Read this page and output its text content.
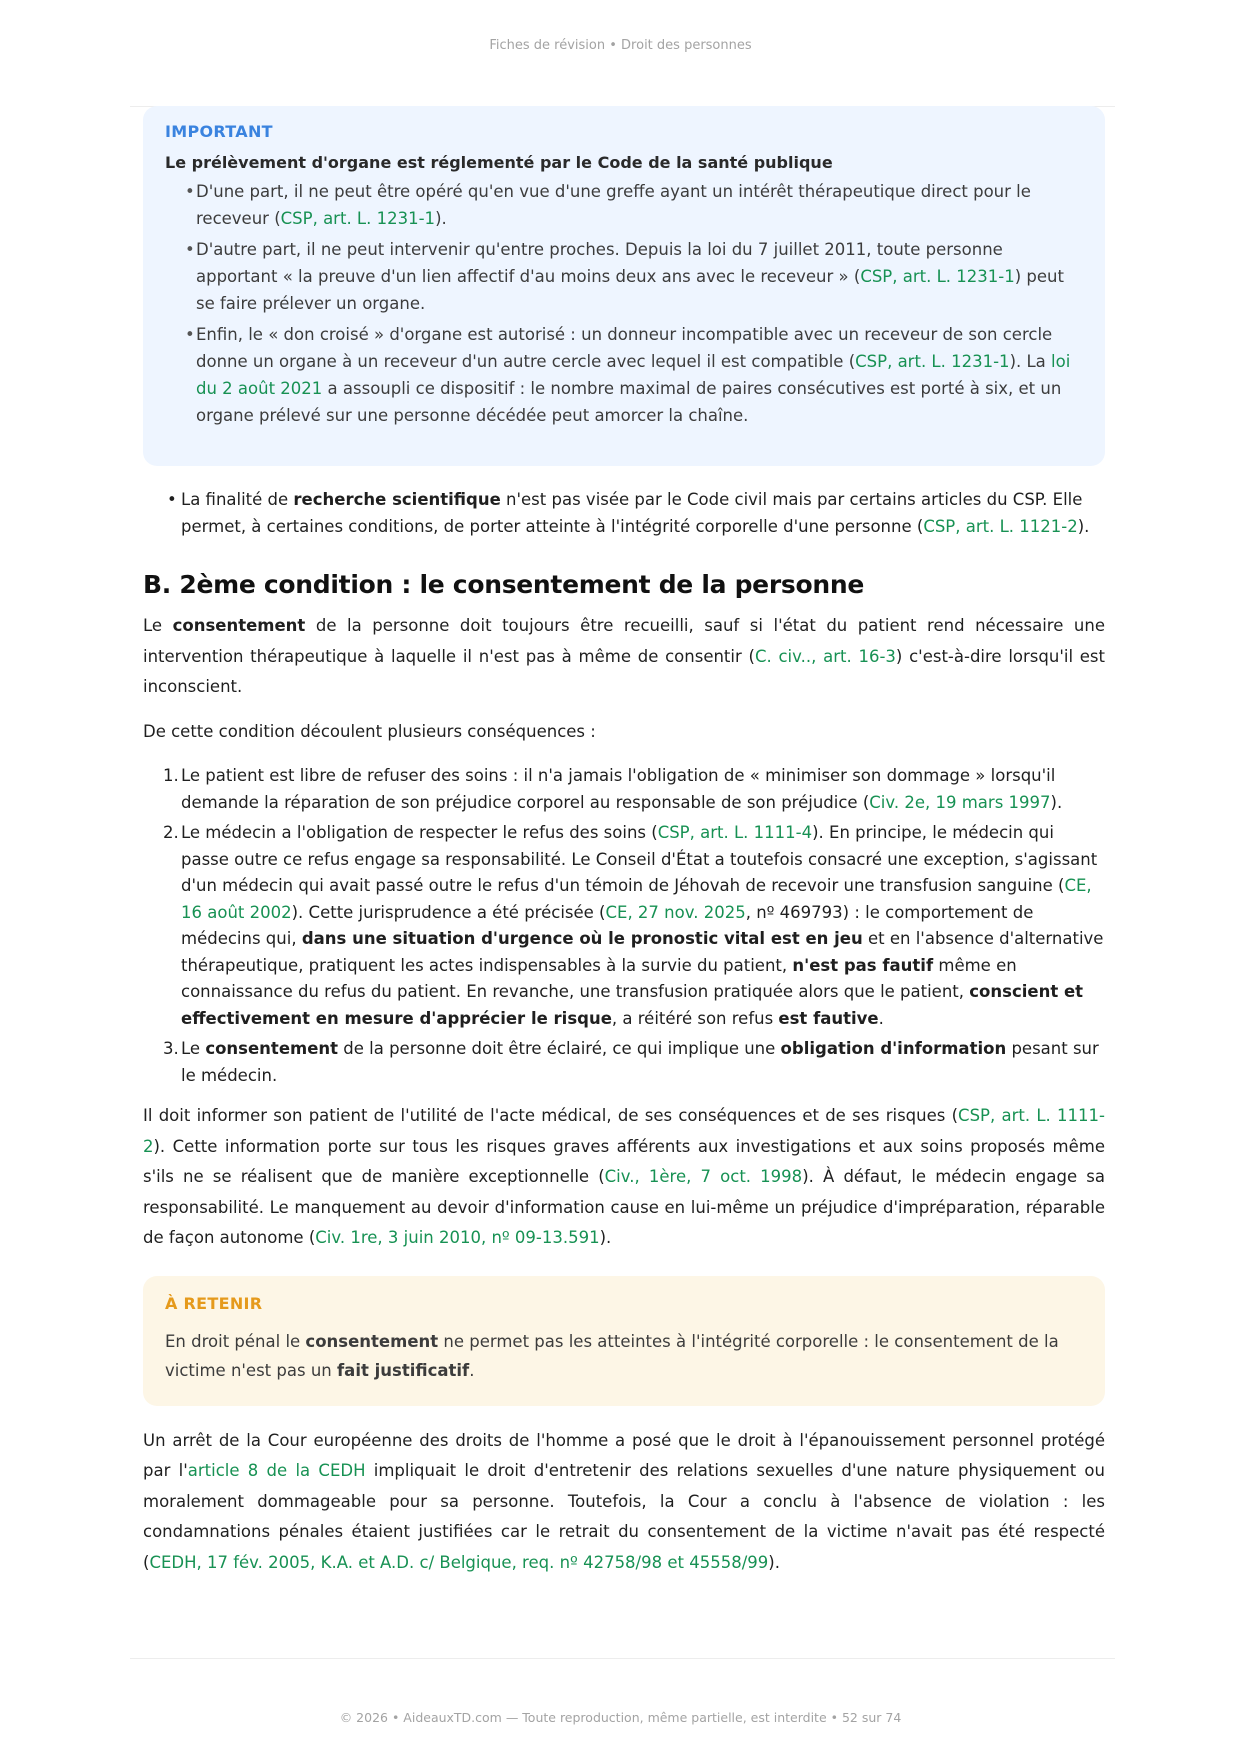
Fiches de révision • Droit des personnes
IMPORTANT
Le prélèvement d'organe est réglementé par le Code de la santé publique
• D'une part, il ne peut être opéré qu'en vue d'une greffe ayant un intérêt thérapeutique direct pour le receveur (CSP, art. L. 1231-1).
• D'autre part, il ne peut intervenir qu'entre proches. Depuis la loi du 7 juillet 2011, toute personne apportant « la preuve d'un lien affectif d'au moins deux ans avec le receveur » (CSP, art. L. 1231-1) peut se faire prélever un organe.
• Enfin, le « don croisé » d'organe est autorisé : un donneur incompatible avec un receveur de son cercle donne un organe à un receveur d'un autre cercle avec lequel il est compatible (CSP, art. L. 1231-1). La loi du 2 août 2021 a assoupli ce dispositif : le nombre maximal de paires consécutives est porté à six, et un organe prélevé sur une personne décédée peut amorcer la chaîne.
• La finalité de recherche scientifique n'est pas visée par le Code civil mais par certains articles du CSP. Elle permet, à certaines conditions, de porter atteinte à l'intégrité corporelle d'une personne (CSP, art. L. 1121-2).
B. 2ème condition : le consentement de la personne

Le consentement de la personne doit toujours être recueilli, sauf si l'état du patient rend nécessaire une intervention thérapeutique à laquelle il n'est pas à même de consentir (C. civ.., art. 16-3) c'est-à-dire lorsqu'il est inconscient.

De cette condition découlent plusieurs conséquences :

1. Le patient est libre de refuser des soins : il n'a jamais l'obligation de « minimiser son dommage » lorsqu'il demande la réparation de son préjudice corporel au responsable de son préjudice (Civ. 2e, 19 mars 1997).
2. Le médecin a l'obligation de respecter le refus des soins (CSP, art. L. 1111-4). En principe, le médecin qui passe outre ce refus engage sa responsabilité. Le Conseil d'État a toutefois consacré une exception, s'agissant d'un médecin qui avait passé outre le refus d'un témoin de Jéhovah de recevoir une transfusion sanguine (CE, 16 août 2002). Cette jurisprudence a été précisée (CE, 27 nov. 2025, nº 469793) : le comportement de médecins qui, dans une situation d'urgence où le pronostic vital est en jeu et en l'absence d'alternative thérapeutique, pratiquent les actes indispensables à la survie du patient, n'est pas fautif même en connaissance du refus du patient. En revanche, une transfusion pratiquée alors que le patient, conscient et effectivement en mesure d'apprécier le risque, a réitéré son refus est fautive.
3. Le consentement de la personne doit être éclairé, ce qui implique une obligation d'information pesant sur le médecin.

Il doit informer son patient de l'utilité de l'acte médical, de ses conséquences et de ses risques (CSP, art. L. 1111-2). Cette information porte sur tous les risques graves afférents aux investigations et aux soins proposés même s'ils ne se réalisent que de manière exceptionnelle (Civ., 1ère, 7 oct. 1998). À défaut, le médecin engage sa responsabilité. Le manquement au devoir d'information cause en lui-même un préjudice d'impréparation, réparable de façon autonome (Civ. 1re, 3 juin 2010, nº 09-13.591).

À RETENIR

En droit pénal le consentement ne permet pas les atteintes à l'intégrité corporelle : le consentement de la victime n'est pas un fait justificatif.

Un arrêt de la Cour européenne des droits de l'homme a posé que le droit à l'épanouissement personnel protégé par l'article 8 de la CEDH impliquait le droit d'entretenir des relations sexuelles d'une nature physiquement ou moralement dommageable pour sa personne. Toutefois, la Cour a conclu à l'absence de violation : les condamnations pénales étaient justifiées car le retrait du consentement de la victime n'avait pas été respecté (CEDH, 17 fév. 2005, K.A. et A.D. c/ Belgique, req. nº 42758/98 et 45558/99).

© 2026 • AideauxTD.com — Toute reproduction, même partielle, est interdite • 52 sur 74
